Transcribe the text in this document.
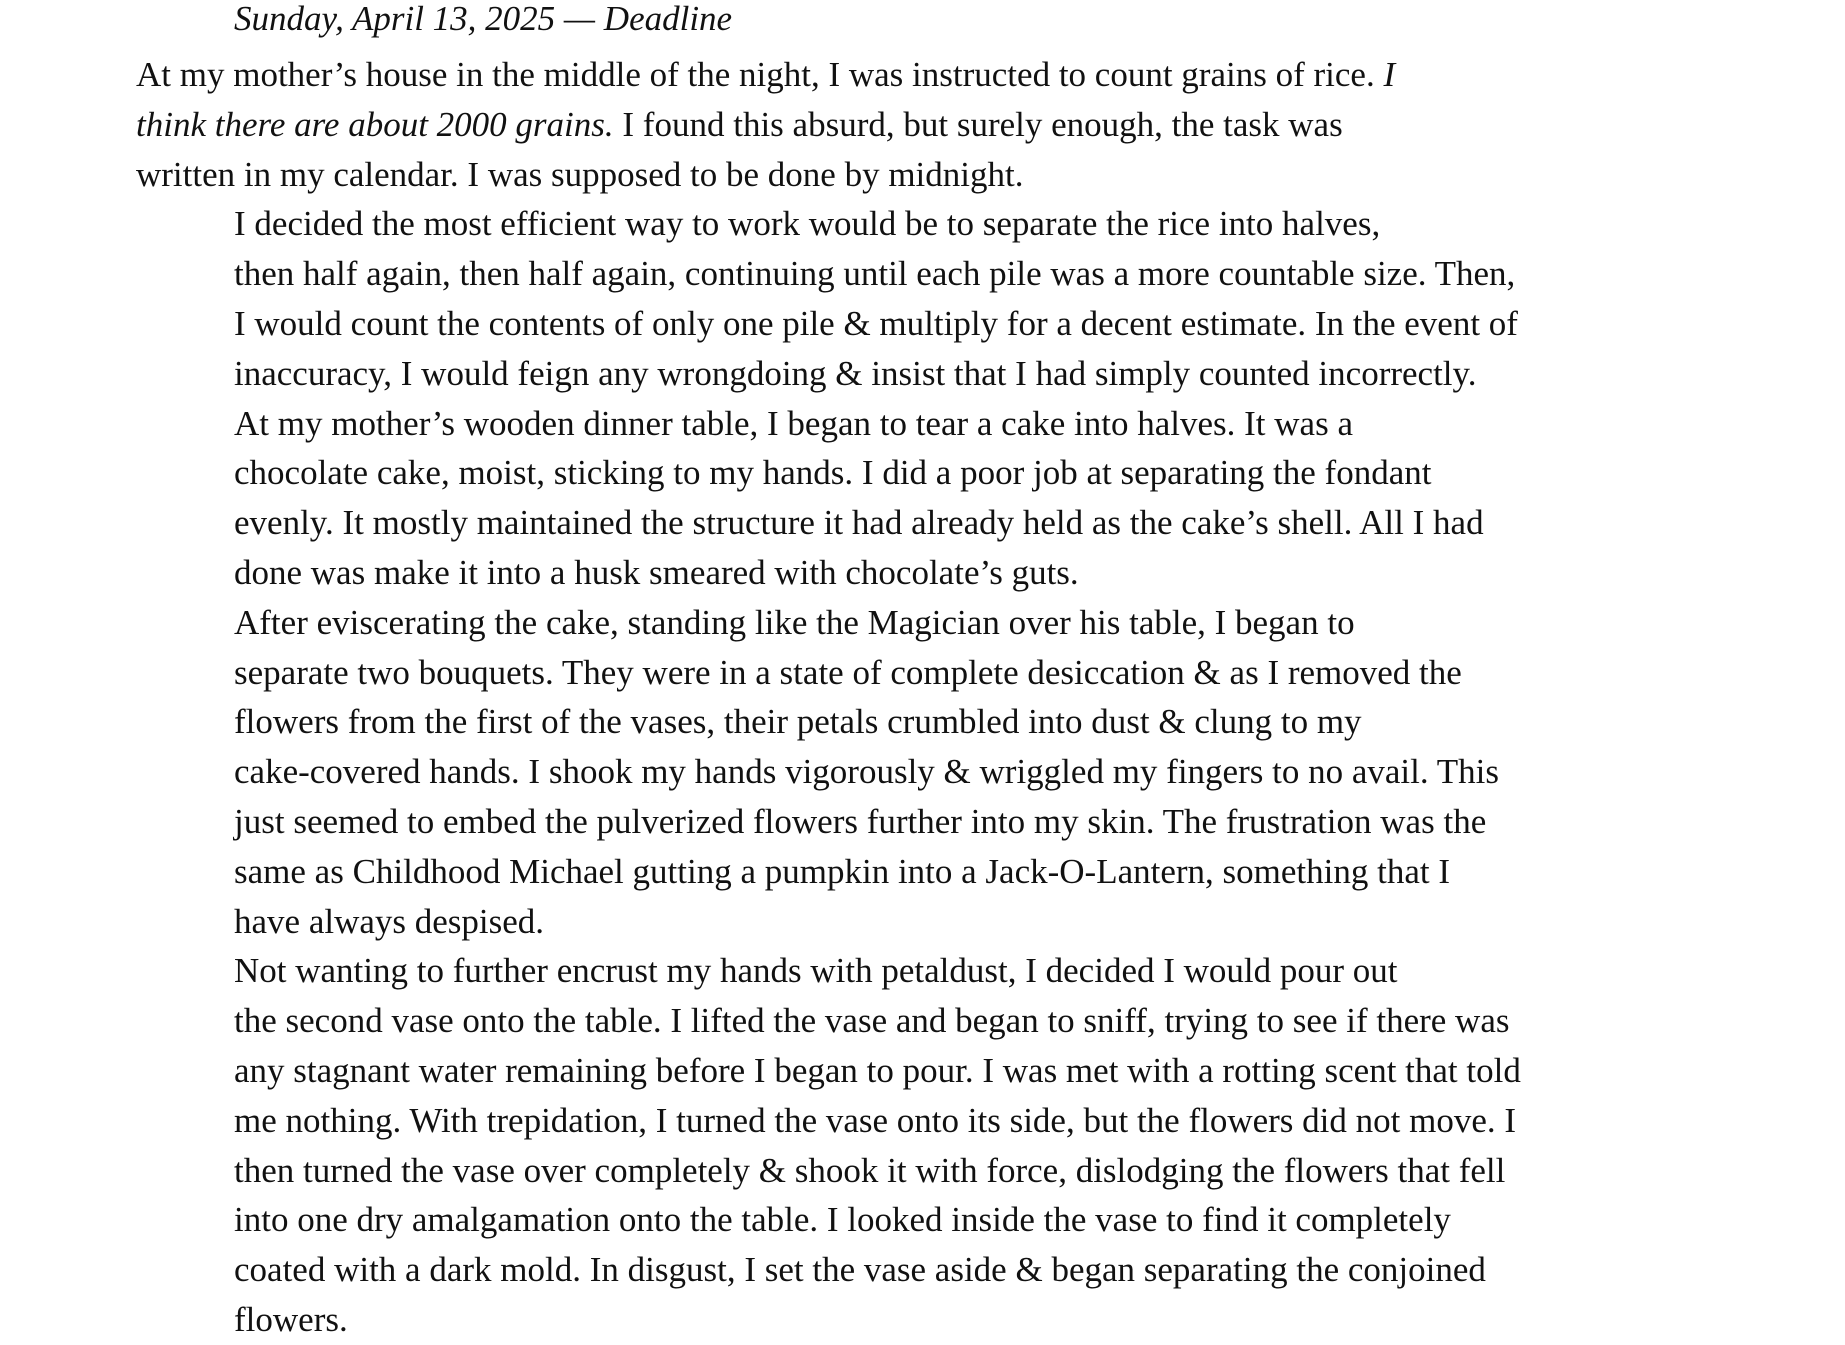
Sunday, April 13, 2025 — Deadline

At my mother’s house in the middle of the night, I was instructed to count grains of rice. I
think there are about 2000 grains. I found this absurd, but surely enough, the task was
written in my calendar. I was supposed to be done by midnight.

I decided the most efficient way to work would be to separate the rice into halves,
then half again, then half again, continuing until each pile was a more countable size. Then,
I would count the contents of only one pile & multiply for a decent estimate. In the event of
inaccuracy, I would feign any wrongdoing & insist that I had simply counted incorrectly.

At my mother’s wooden dinner table, I began to tear a cake into halves. It was a
chocolate cake, moist, sticking to my hands. I did a poor job at separating the fondant
evenly. It mostly maintained the structure it had already held as the cake’s shell. All I had
done was make it into a husk smeared with chocolate’s guts.

After eviscerating the cake, standing like the Magician over his table, I began to
separate two bouquets. They were in a state of complete desiccation & as I removed the
flowers from the first of the vases, their petals crumbled into dust & clung to my
cake-covered hands. I shook my hands vigorously & wriggled my fingers to no avail. This
just seemed to embed the pulverized flowers further into my skin. The frustration was the
same as Childhood Michael gutting a pumpkin into a Jack-O-Lantern, something that I
have always despised.

Not wanting to further encrust my hands with petaldust, I decided I would pour out
the second vase onto the table. I lifted the vase and began to sniff, trying to see if there was
any stagnant water remaining before I began to pour. I was met with a rotting scent that told
me nothing. With trepidation, I turned the vase onto its side, but the flowers did not move. I
then turned the vase over completely & shook it with force, dislodging the flowers that fell
into one dry amalgamation onto the table. I looked inside the vase to find it completely
coated with a dark mold. In disgust, I set the vase aside & began separating the conjoined
flowers.
